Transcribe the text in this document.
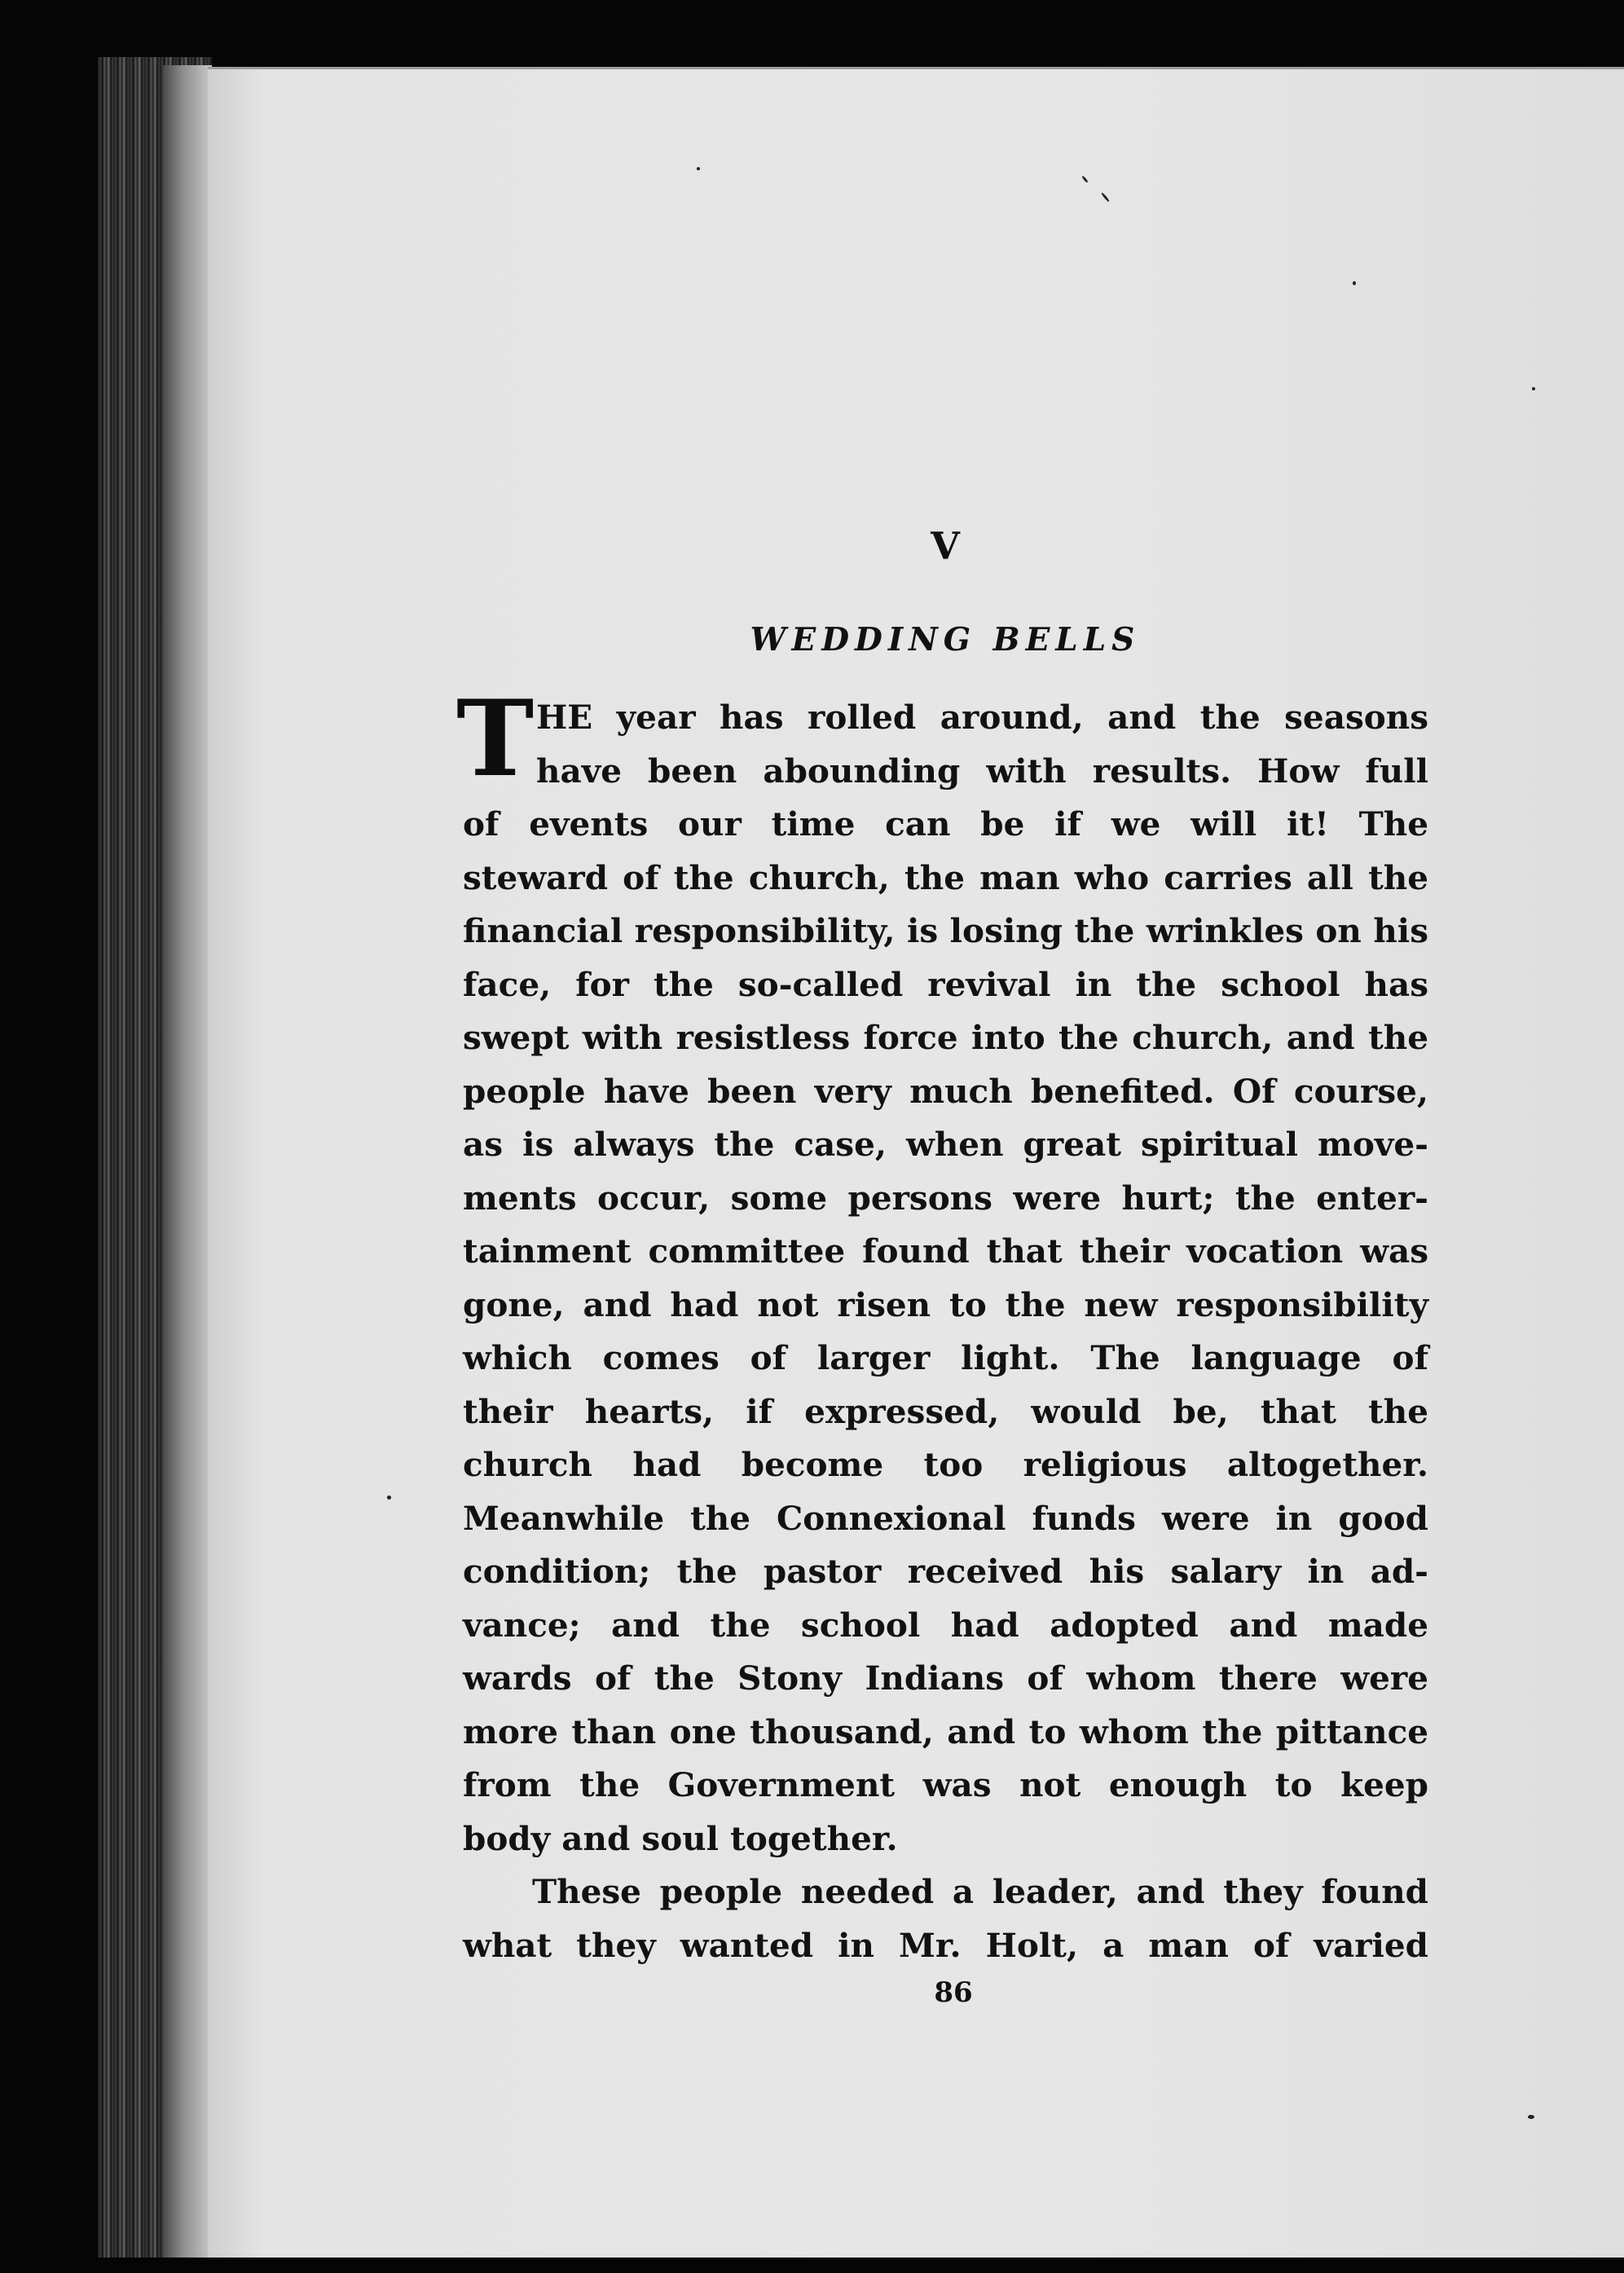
V
WEDDING BELLS
T HE year has rolled around, and the seasons
have been abounding with results. How full
of events our time can be if we will it! The
steward of the church, the man who carries all the
financial responsibility, is losing the wrinkles on his
face, for the so-called revival in the school has
swept with resistless force into the church, and the
people have been very much benefited. Of course,
as is always the case, when great spiritual move-
ments occur, some persons were hurt; the enter-
tainment committee found that their vocation was
gone, and had not risen to the new responsibility
which comes of larger light. The language of
their hearts, if expressed, would be, that the
church had become too religious altogether.
Meanwhile the Connexional funds were in good
condition; the pastor received his salary in ad-
vance; and the school had adopted and made
wards of the Stony Indians of whom there were
more than one thousand, and to whom the pittance
from the Government was not enough to keep
body and soul together.
These people needed a leader, and they found
what they wanted in Mr. Holt, a man of varied
86
